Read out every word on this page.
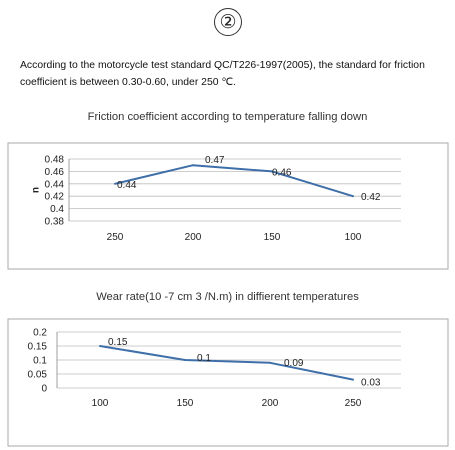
②
According to the motorcycle test standard QC/T226-1997(2005), the standard for friction coefficient is between 0.30-0.60, under 250 ℃.
Friction coefficient according to temperature falling down
Wear rate(10 -7 cm 3 /N.m) in diffierent temperatures
0.48
0.46
0.44
0.42
0.4
0.38
u
250	200	150	100
0.44
0.47
0.46
0.42
0.2
0.15
0.1
0.05
0
100	150	200	250
0.15
0.1	0.09
0.03
